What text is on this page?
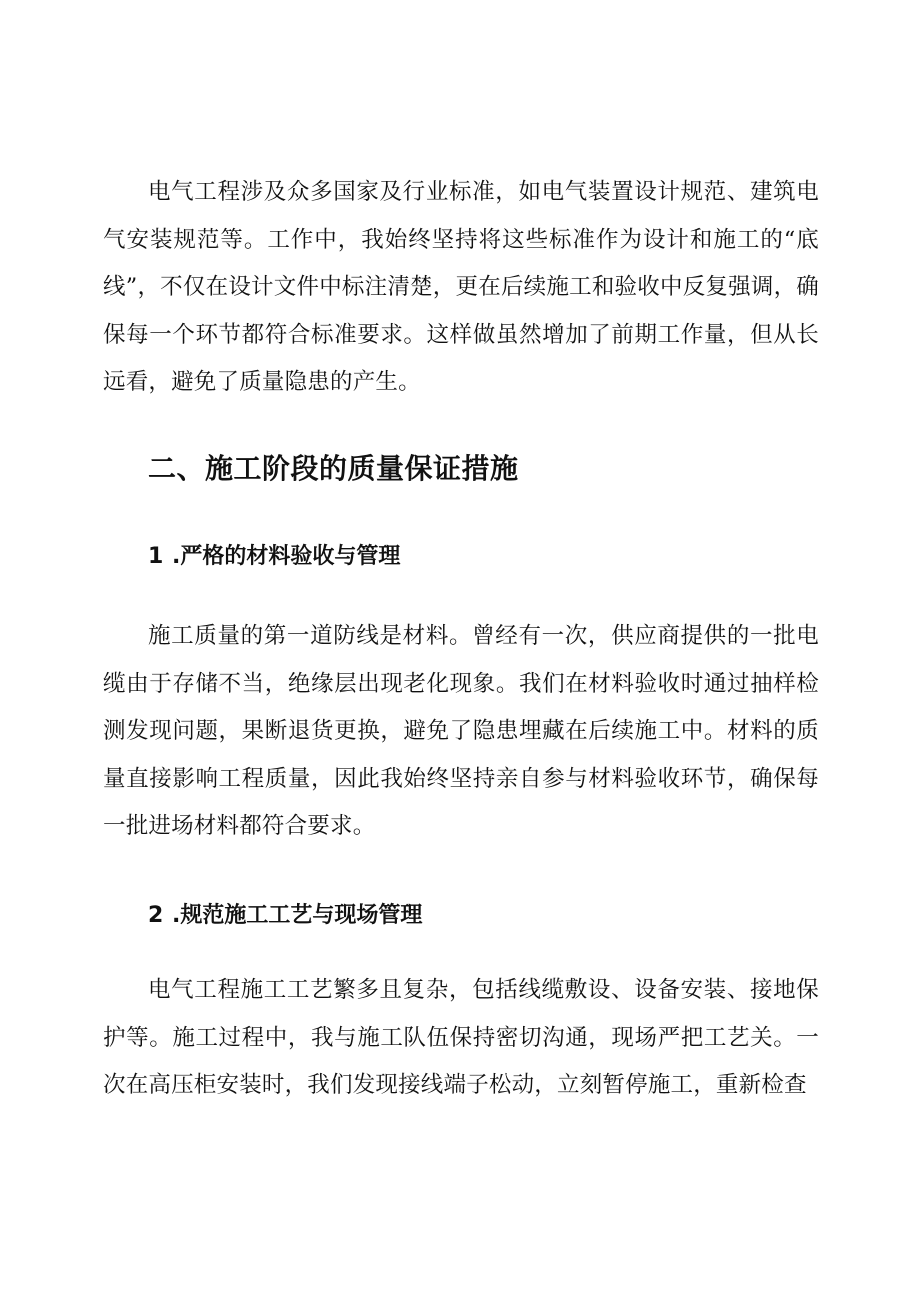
电气工程涉及众多国家及行业标准，如电气装置设计规范、建筑电气安装规范等。工作中，我始终坚持将这些标准作为设计和施工的“底线”，不仅在设计文件中标注清楚，更在后续施工和验收中反复强调，确保每一个环节都符合标准要求。这样做虽然增加了前期工作量，但从长远看，避免了质量隐患的产生。

二、施工阶段的质量保证措施
1 .严格的材料验收与管理

施工质量的第一道防线是材料。曾经有一次，供应商提供的一批电缆由于存储不当，绝缘层出现老化现象。我们在材料验收时通过抽样检测发现问题，果断退货更换，避免了隐患埋藏在后续施工中。材料的质量直接影响工程质量，因此我始终坚持亲自参与材料验收环节，确保每一批进场材料都符合要求。

2 .规范施工工艺与现场管理

电气工程施工工艺繁多且复杂，包括线缆敷设、设备安装、接地保护等。施工过程中，我与施工队伍保持密切沟通，现场严把工艺关。一次在高压柜安装时，我们发现接线端子松动，立刻暂停施工，重新检查
